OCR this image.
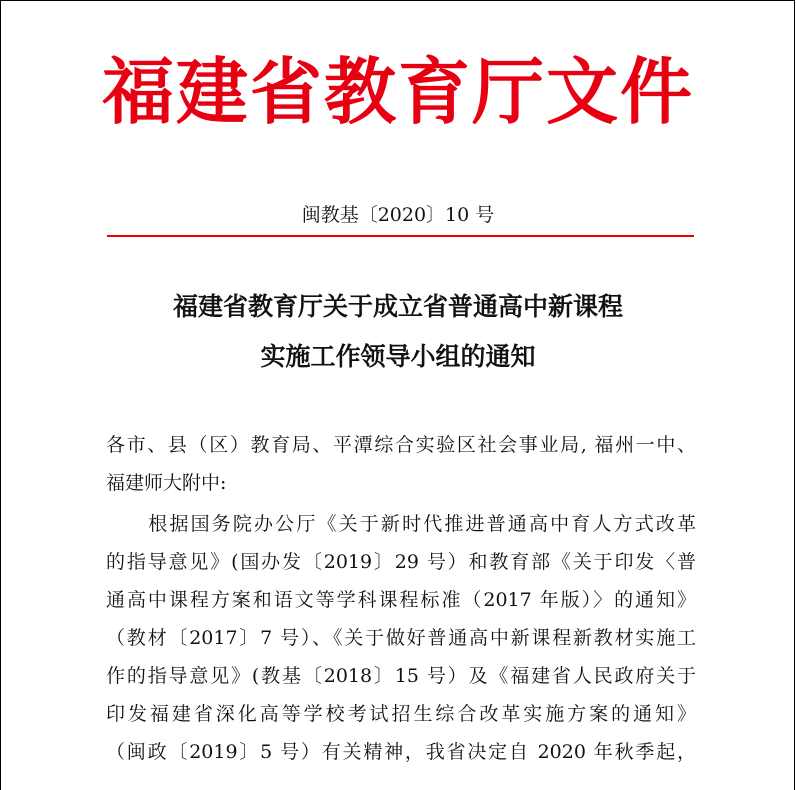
福建省教育厅文件
闽教基〔2020〕10 号
福建省教育厅关于成立省普通高中新课程
实施工作领导小组的通知
各市、县（区）教育局、平潭综合实验区社会事业局, 福州一中、
福建师大附中:
　　根据国务院办公厅《关于新时代推进普通高中育人方式改革
的指导意见》(国办发〔2019〕29 号）和教育部《关于印发〈普
通高中课程方案和语文等学科课程标准（2017 年版）〉的通知》
（教材〔2017〕7 号）、《关于做好普通高中新课程新教材实施工
作的指导意见》(教基〔2018〕15 号）及《福建省人民政府关于
印发福建省深化高等学校考试招生综合改革实施方案的通知》
（闽政〔2019〕5 号）有关精神，我省决定自 2020 年秋季起，
